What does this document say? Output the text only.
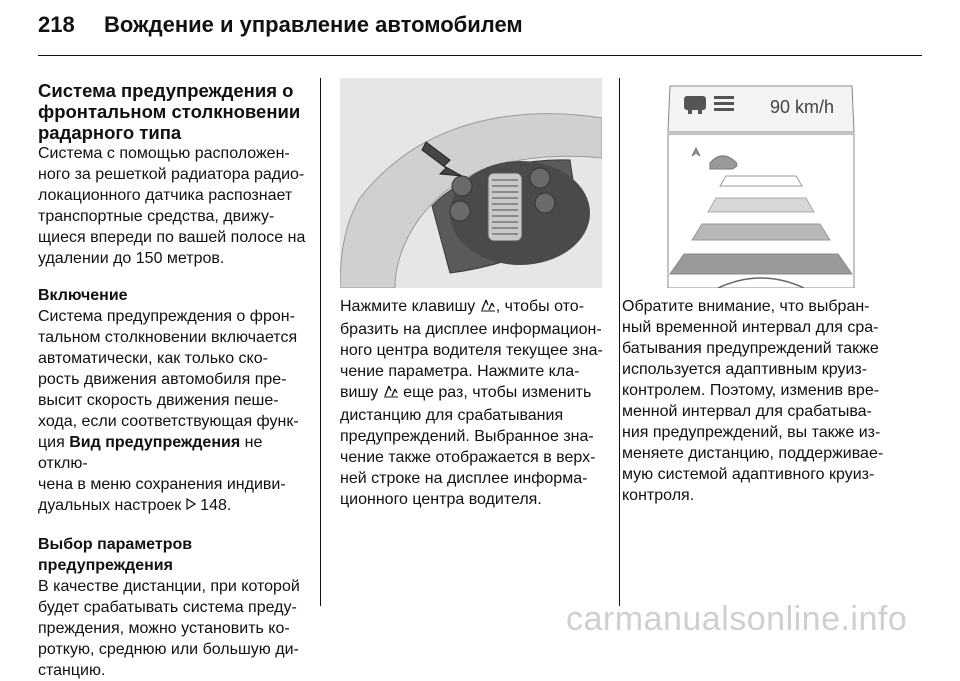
218	Вождение и управление автомобилем
Система предупреждения о
фронтальном столкновении
радарного типа
Система с помощью расположен-
ного за решеткой радиатора радио-
локационного датчика распознает
транспортные средства, движу-
щиеся впереди по вашей полосе на
удалении до 150 метров.
Включение
Система предупреждения о фрон-
тальном столкновении включается
автоматически, как только ско-
рость движения автомобиля пре-
высит скорость движения пеше-
хода, если соответствующая функ-
ция Вид предупреждения не отклю-
чена в меню сохранения индиви-
дуальных настроек  148.
Выбор параметров
предупреждения
В качестве дистанции, при которой
будет срабатывать система преду-
преждения, можно установить ко-
роткую, среднюю или большую ди-
станцию.
90 km/h
Нажмите клавишу , чтобы ото-
бразить на дисплее информацион-
ного центра водителя текущее зна-
чение параметра. Нажмите кла-
вишу  еще раз, чтобы изменить
дистанцию для срабатывания
предупреждений. Выбранное зна-
чение также отображается в верх-
ней строке на дисплее информа-
ционного центра водителя.
Обратите внимание, что выбран-
ный временной интервал для сра-
батывания предупреждений также
используется адаптивным круиз-
контролем. Поэтому, изменив вре-
менной интервал для срабатыва-
ния предупреждений, вы также из-
меняете дистанцию, поддерживае-
мую системой адаптивного круиз-
контроля.
carmanualsonline.info
